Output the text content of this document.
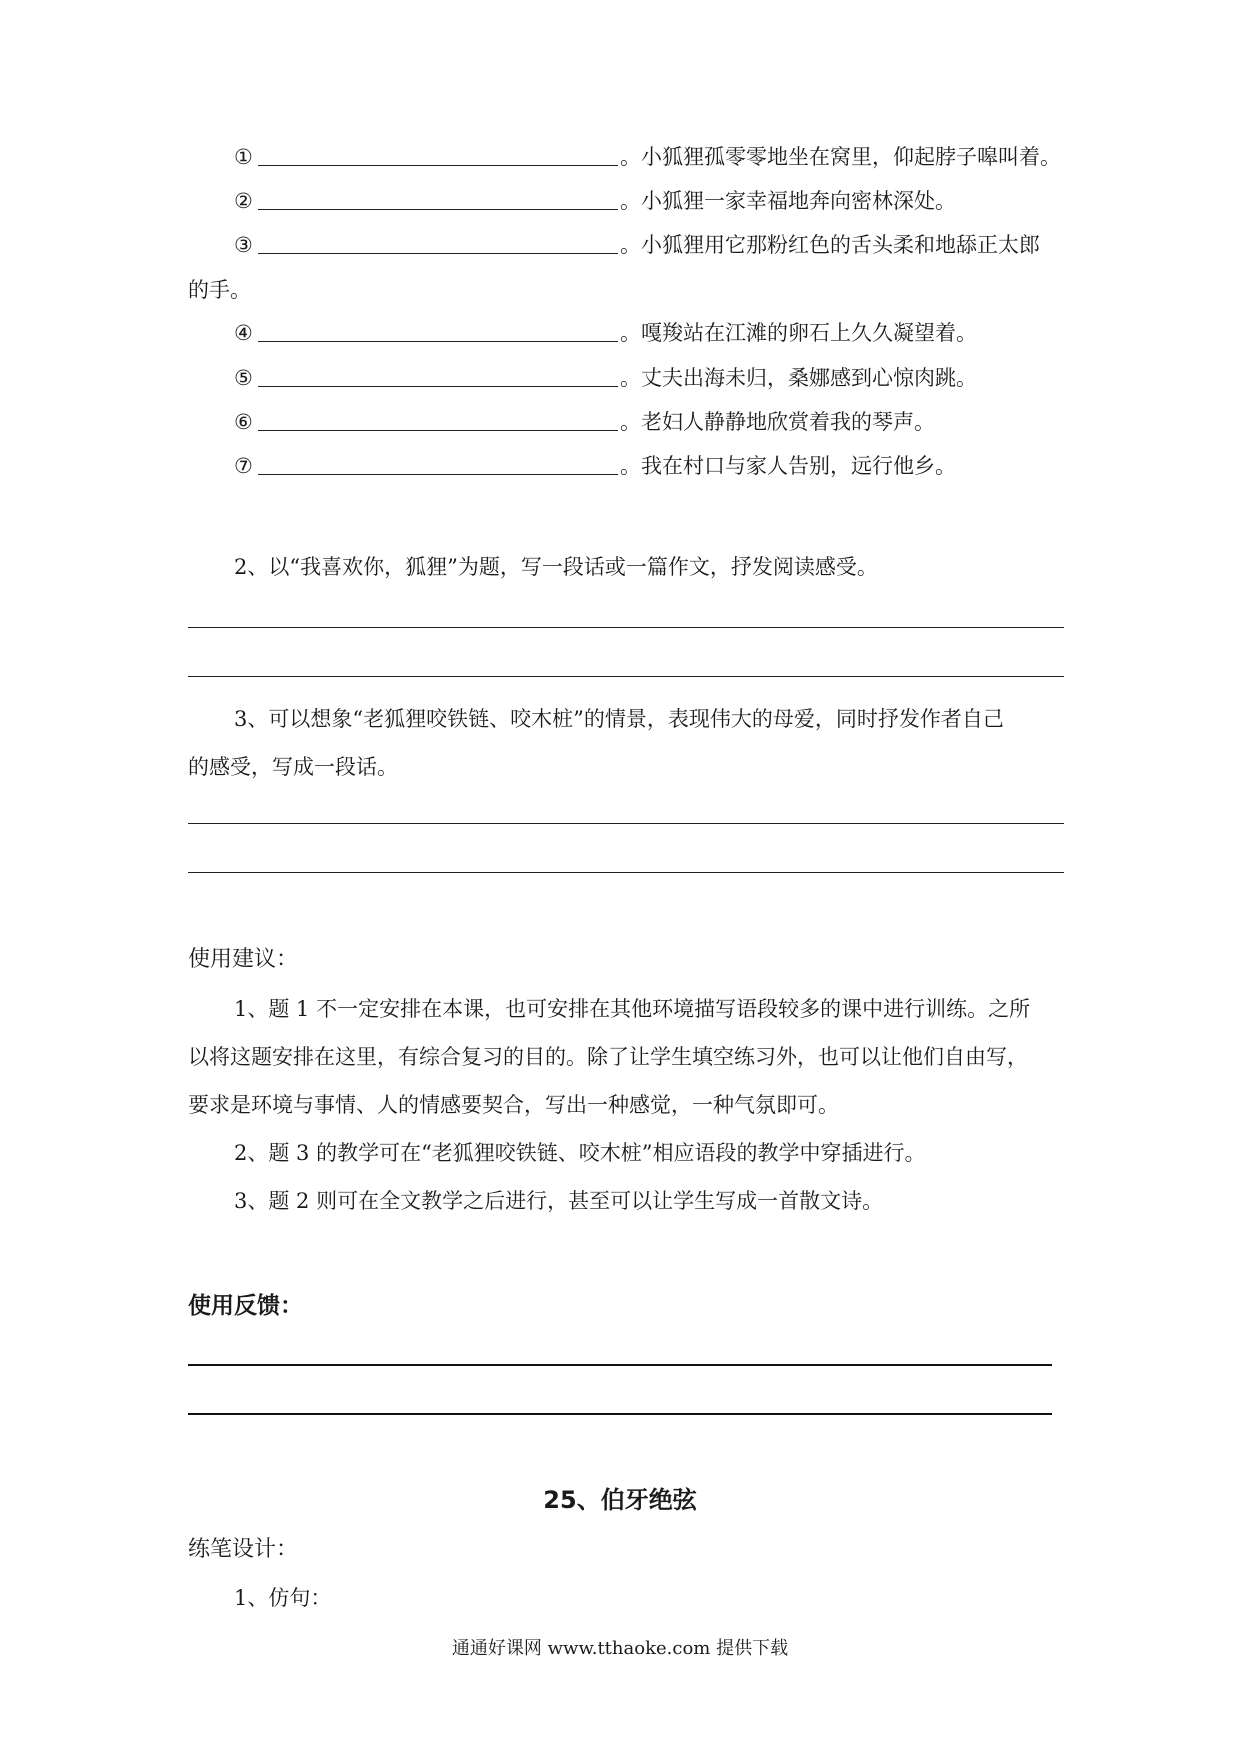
①	。小狐狸孤零零地坐在窝里，仰起脖子嗥叫着。
②	。小狐狸一家幸福地奔向密林深处。
③	。小狐狸用它那粉红色的舌头柔和地舔正太郎
的手。
④	。嘎羧站在江滩的卵石上久久凝望着。
⑤	。丈夫出海未归，桑娜感到心惊肉跳。
⑥	。老妇人静静地欣赏着我的琴声。
⑦	。我在村口与家人告别，远行他乡。
2、以“我喜欢你，狐狸”为题，写一段话或一篇作文，抒发阅读感受。
3、可以想象“老狐狸咬铁链、咬木桩”的情景，表现伟大的母爱，同时抒发作者自己
的感受，写成一段话。
使用建议：
1、题 1 不一定安排在本课，也可安排在其他环境描写语段较多的课中进行训练。之所
以将这题安排在这里，有综合复习的目的。除了让学生填空练习外，也可以让他们自由写，
要求是环境与事情、人的情感要契合，写出一种感觉，一种气氛即可。
2、题 3 的教学可在“老狐狸咬铁链、咬木桩”相应语段的教学中穿插进行。
3、题 2 则可在全文教学之后进行，甚至可以让学生写成一首散文诗。
使用反馈：
25、伯牙绝弦
练笔设计：
1、仿句：
通通好课网 www.tthaoke.com 提供下载
